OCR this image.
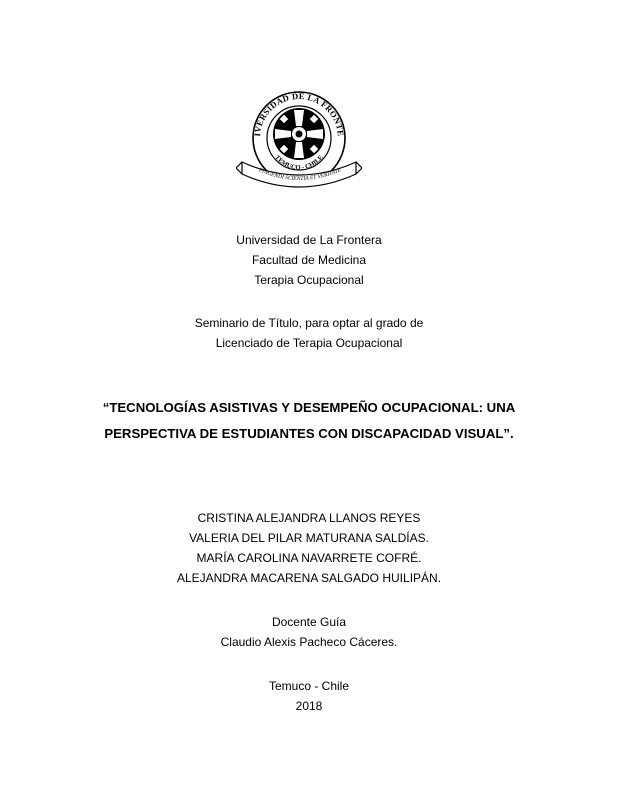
IVERSIDAD DE LA FRONTE
TEMUCO - CHILE
FINGENDI SCIENTIA ET VERITATE
Universidad de La Frontera
Facultad de Medicina
Terapia Ocupacional
Seminario de Título, para optar al grado de
Licenciado de Terapia Ocupacional
“TECNOLOGÍAS ASISTIVAS Y DESEMPEÑO OCUPACIONAL: UNA
PERSPECTIVA DE ESTUDIANTES CON DISCAPACIDAD VISUAL”.
CRISTINA ALEJANDRA LLANOS REYES
VALERIA DEL PILAR MATURANA SALDÍAS.
MARÍA CAROLINA NAVARRETE COFRÉ.
ALEJANDRA MACARENA SALGADO HUILIPÁN.
Docente Guía
Claudio Alexis Pacheco Cáceres.
Temuco - Chile
2018
